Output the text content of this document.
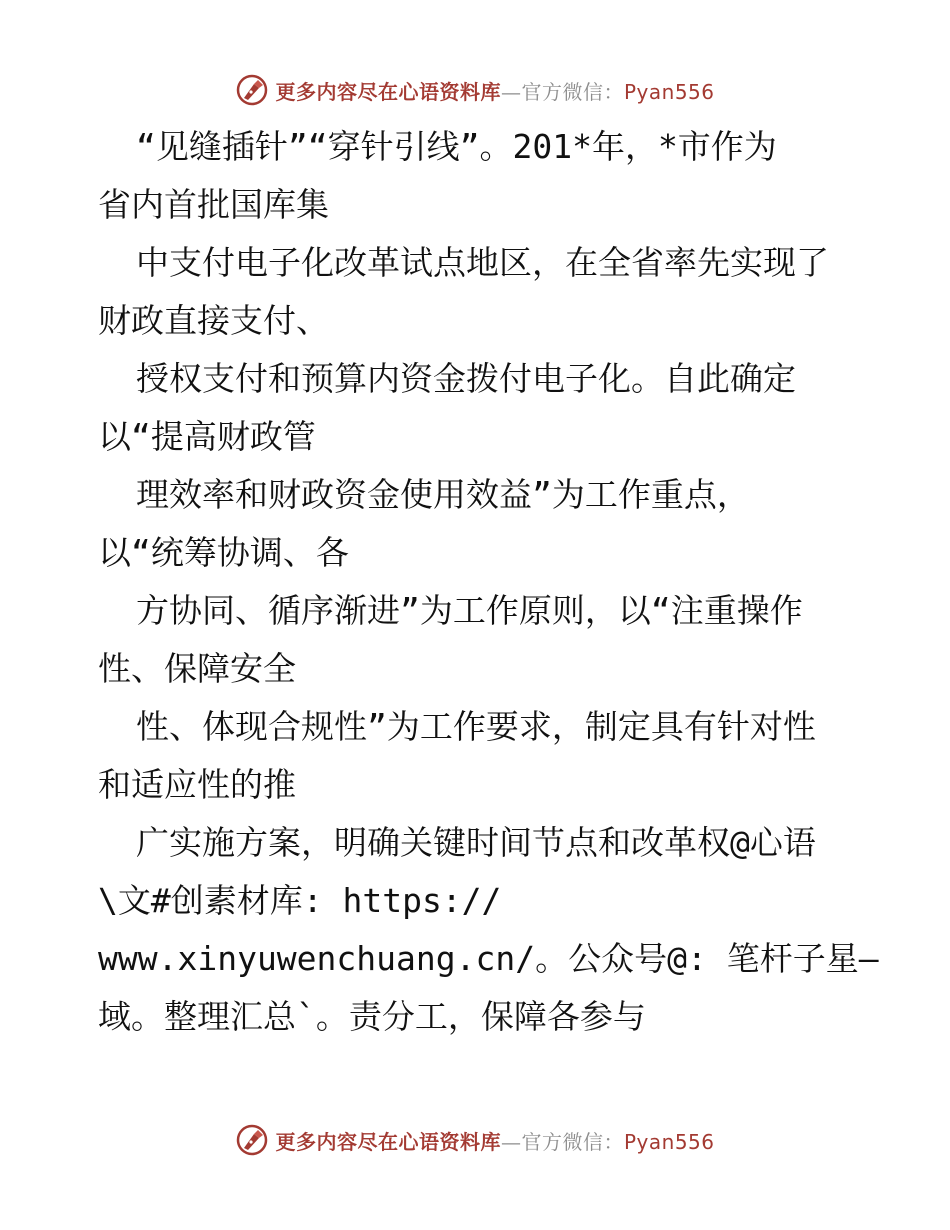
更多内容尽在心语资料库—官方微信：Pyan556
“见缝插针”“穿针引线”。201*年，*市作为
省内首批国库集
中支付电子化改革试点地区，在全省率先实现了
财政直接支付、
授权支付和预算内资金拨付电子化。自此确定
以“提高财政管
理效率和财政资金使用效益”为工作重点，
以“统筹协调、各
方协同、循序渐进”为工作原则，以“注重操作
性、保障安全
性、体现合规性”为工作要求，制定具有针对性
和适应性的推
广实施方案，明确关键时间节点和改革权@心语
\文#创素材库: https://
www.xinyuwenchuang.cn/。公众号@: 笔杆子星—
域。整理汇总`。责分工，保障各参与
更多内容尽在心语资料库—官方微信：Pyan556
